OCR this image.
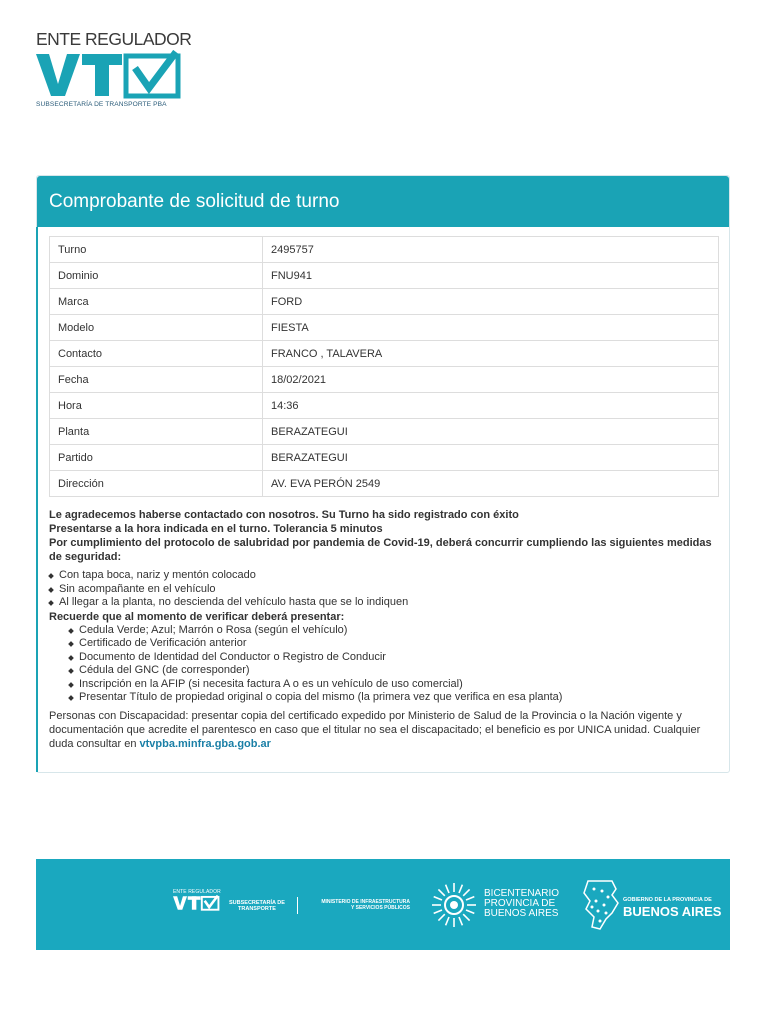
ENTE REGULADOR
SUBSECRETARÍA DE TRANSPORTE PBA
Comprobante de solicitud de turno
Turno	2495757
Dominio	FNU941
Marca	FORD
Modelo	FIESTA
Contacto	FRANCO , TALAVERA
Fecha	18/02/2021
Hora	14:36
Planta	BERAZATEGUI
Partido	BERAZATEGUI
Dirección	AV. EVA PERÓN 2549
Le agradecemos haberse contactado con nosotros. Su Turno ha sido registrado con éxito
Presentarse a la hora indicada en el turno. Tolerancia 5 minutos
Por cumplimiento del protocolo de salubridad por pandemia de Covid-19, deberá concurrir cumpliendo las siguientes medidas de seguridad:
Con tapa boca, nariz y mentón colocado
Sin acompañante en el vehículo
Al llegar a la planta, no descienda del vehículo hasta que se lo indiquen
Recuerde que al momento de verificar deberá presentar:
Cedula Verde; Azul; Marrón o Rosa (según el vehículo)
Certificado de Verificación anterior
Documento de Identidad del Conductor o Registro de Conducir
Cédula del GNC (de corresponder)
Inscripción en la AFIP (si necesita factura A o es un vehículo de uso comercial)
Presentar Título de propiedad original o copia del mismo (la primera vez que verifica en esa planta)
Personas con Discapacidad: presentar copia del certificado expedido por Ministerio de Salud de la Provincia o la Nación vigente y documentación que acredite el parentesco en caso que el titular no sea el discapacitado; el beneficio es por UNICA unidad. Cualquier duda consultar en vtvpba.minfra.gba.gob.ar
ENTE REGULADOR
SUBSECRETARÍA DE
TRANSPORTE
MINISTERIO DE INFRAESTRUCTURA
Y SERVICIOS PÚBLICOS
BICENTENARIO
PROVINCIA DE
BUENOS AIRES
GOBIERNO DE LA PROVINCIA DE
BUENOS AIRES
